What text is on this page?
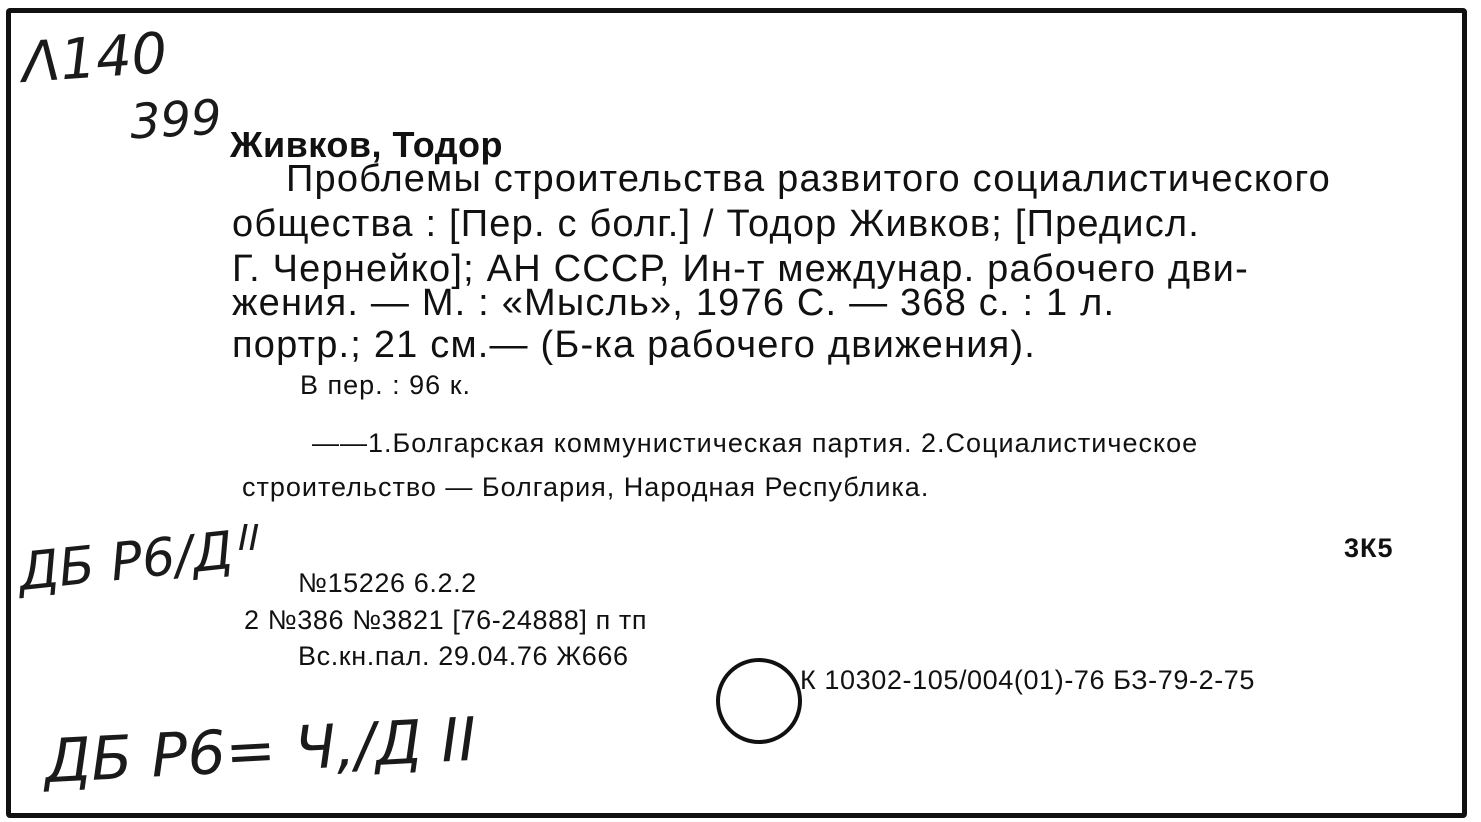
Λ140
399
ДБ Р6/Д II
ДБ Р6= Ч,/Д II
Живков, Тодор
Проблемы строительства развитого социалистического
общества : [Пер. с болг.] / Тодор Живков; [Предисл.
Г. Чернейко]; АН СССР, Ин-т междунар. рабочего дви-
жения. — М. : «Мысль», 1976 С. — 368 с. : 1 л.
портр.; 21 см.— (Б-ка рабочего движения).
В пер. : 96 к.
——1.Болгарская коммунистическая партия. 2.Социалистическое
строительство — Болгария, Народная Республика.
3К5
№15226 6.2.2
2 №386 №3821 [76-24888] п тп
Вс.кн.пал. 29.04.76 Ж666
К 10302-105/004(01)-76 БЗ-79-2-75
